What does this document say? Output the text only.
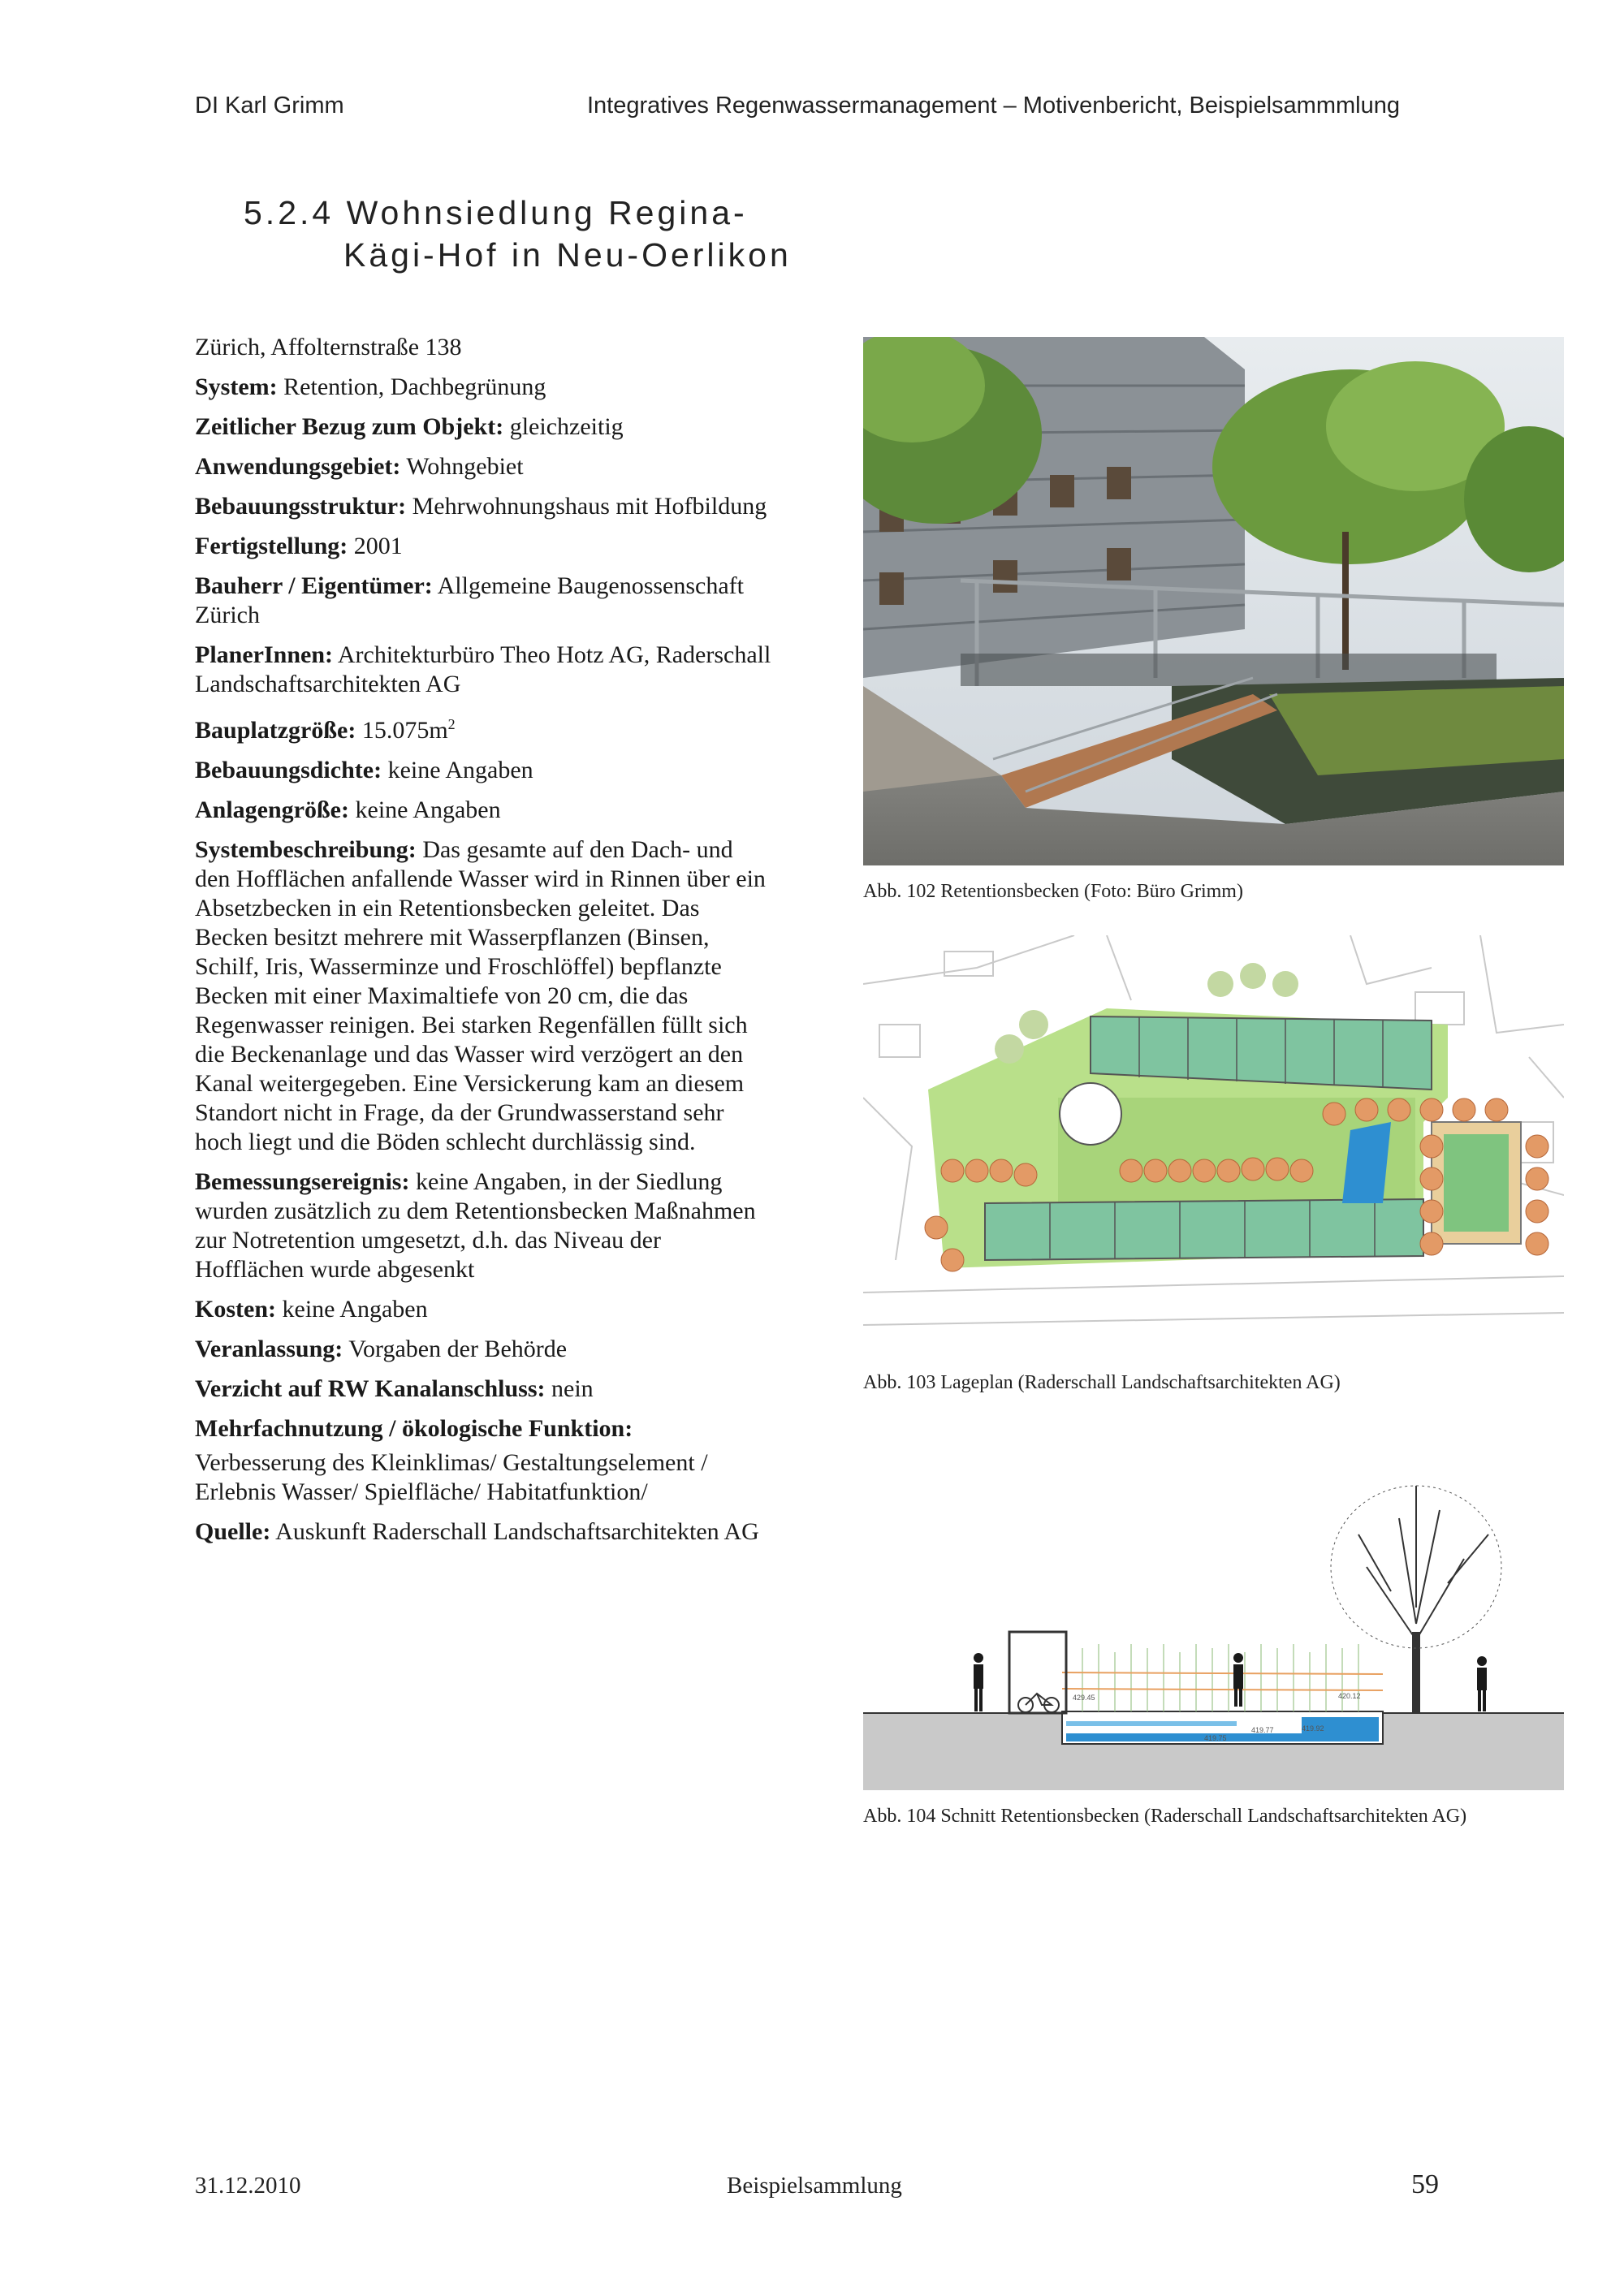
DI Karl Grimm	Integratives Regenwassermanagement – Motivenbericht, Beispielsammmlung
5.2.4 Wohnsiedlung Regina-
Kägi-Hof in Neu-Oerlikon

Zürich, Affolternstraße 138

System: Retention, Dachbegrünung

Zeitlicher Bezug zum Objekt: gleichzeitig

Anwendungsgebiet: Wohngebiet

Bebauungsstruktur: Mehrwohnungshaus mit Hofbildung

Fertigstellung: 2001

Bauherr / Eigentümer: Allgemeine Baugenossenschaft Zürich

PlanerInnen: Architekturbüro Theo Hotz AG, Raderschall Landschaftsarchitekten AG

Bauplatzgröße: $15.075m^2$

Bebauungsdichte: keine Angaben

Anlagengröße: keine Angaben

Systembeschreibung: Das gesamte auf den Dach- und den Hofflächen anfallende Wasser wird in Rinnen über ein Absetzbecken in ein Retentionsbecken geleitet. Das Becken besitzt mehrere mit Wasserpflanzen (Binsen, Schilf, Iris, Wasserminze und Froschlöffel) bepflanzte Becken mit einer Maximaltiefe von 20 cm, die das Regenwasser reinigen. Bei starken Regenfällen füllt sich die Beckenanlage und das Wasser wird verzögert an den Kanal weitergegeben. Eine Versickerung kam an diesem Standort nicht in Frage, da der Grundwasserstand sehr hoch liegt und die Böden schlecht durchlässig sind.

Bemessungsereignis: keine Angaben, in der Siedlung wurden zusätzlich zu dem Retentionsbecken Maßnahmen zur Notretention umgesetzt, d.h. das Niveau der Hofflächen wurde abgesenkt

Kosten: keine Angaben

Veranlassung: Vorgaben der Behörde

Verzicht auf RW Kanalanschluss: nein

Mehrfachnutzung / ökologische Funktion:

Verbesserung des Kleinklimas/ Gestaltungselement / Erlebnis Wasser/ Spielfläche/ Habitatfunktion/

Quelle: Auskunft Raderschall Landschaftsarchitekten AG

Abb. 102 Retentionsbecken (Foto: Büro Grimm)
Abb. 103 Lageplan (Raderschall Landschaftsarchitekten AG)
420.12
429.45
419.77	419.92
419.75
Abb. 104 Schnitt Retentionsbecken (Raderschall Landschaftsarchitekten AG)
31.12.2010	Beispielsammlung	59
